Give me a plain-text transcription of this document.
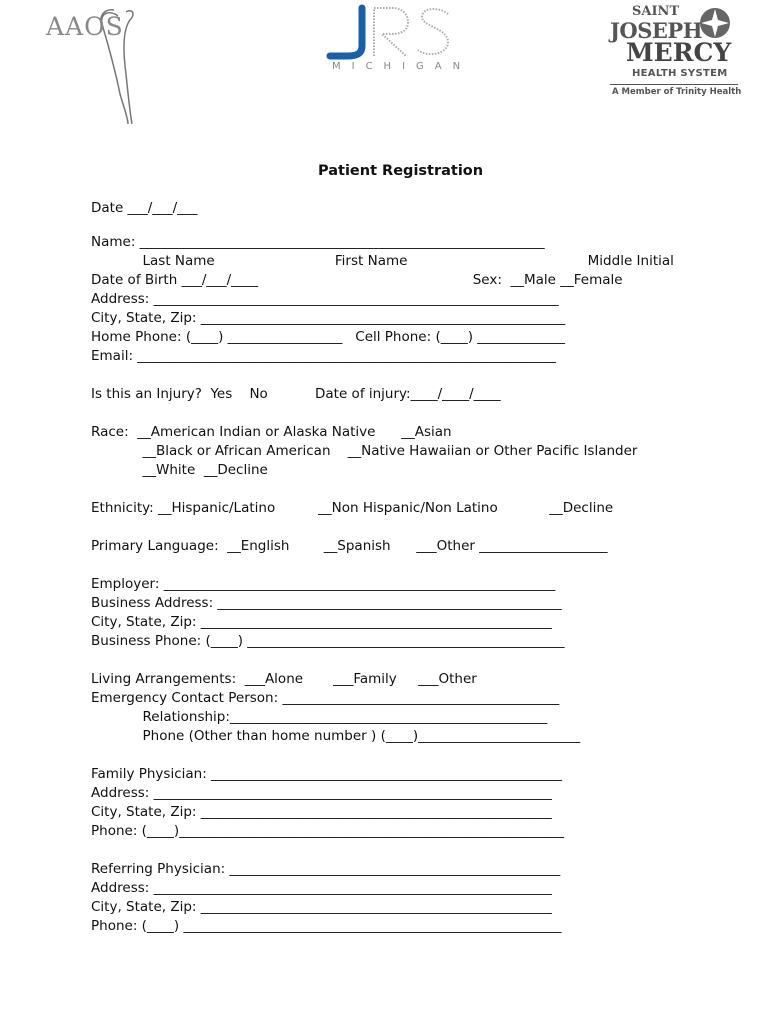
AAOS
MICHIGAN
SAINT
JOSEPH
MERCY
HEALTH SYSTEM
A Member of Trinity Health
Patient Registration
Date ___/___/___
Name: ____________________________________________________________
Last Name                            First Name                                          Middle Initial
Date of Birth ___/___/____                                                  Sex:  __Male __Female
Address: ____________________________________________________________
City, State, Zip: ______________________________________________________
Home Phone: (____) _________________   Cell Phone: (____) _____________
Email: ______________________________________________________________
Is this an Injury?  Yes    No           Date of injury:____/____/____
Race:  __American Indian or Alaska Native      __Asian
__Black or African American    __Native Hawaiian or Other Pacific Islander
__White  __Decline
Ethnicity: __Hispanic/Latino          __Non Hispanic/Non Latino            __Decline
Primary Language:  __English        __Spanish      ___Other ___________________
Employer: __________________________________________________________
Business Address: ___________________________________________________
City, State, Zip: ____________________________________________________
Business Phone: (____) _______________________________________________
Living Arrangements:  ___Alone       ___Family     ___Other
Emergency Contact Person: _________________________________________
Relationship:_______________________________________________
Phone (Other than home number ) (____)________________________
Family Physician: ____________________________________________________
Address: ___________________________________________________________
City, State, Zip: ____________________________________________________
Phone: (____)_________________________________________________________
Referring Physician: _________________________________________________
Address: ___________________________________________________________
City, State, Zip: ____________________________________________________
Phone: (____) ________________________________________________________
